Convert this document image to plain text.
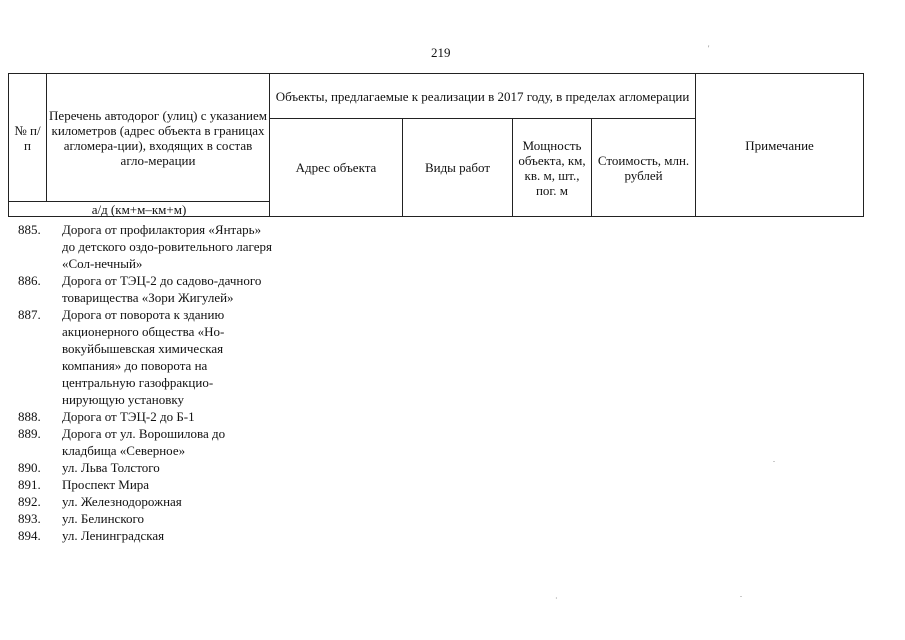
219
№ п/п	Перечень автодорог (улиц) с указанием километров (адрес объекта в границах агломера-ции), входящих в состав агло-мерации	Объекты, предлагаемые к реализации в 2017 году, в пределах агломерации				Примечание
		Адрес объекта	Виды работ	Мощность объекта, км, кв. м, шт., пог. м	Стоимость, млн. рублей	
а/д (км+м–км+м)						
885.	Дорога от профилактория «Янтарь» до детского оздо-ровительного лагеря «Сол-нечный»
886.	Дорога от ТЭЦ-2 до садово-дачного товарищества «Зори Жигулей»
887.	Дорога от поворота к зданию акционерного общества «Но-вокуйбышевская химическая компания» до поворота на центральную газофракцио-нирующую установку
888.	Дорога от ТЭЦ-2 до Б-1
889.	Дорога от ул. Ворошилова до кладбища «Северное»
890.	ул. Льва Толстого
891.	Проспект Мира
892.	ул. Железнодорожная
893.	ул. Белинского
894.	ул. Ленинградская
'
.
·	.
